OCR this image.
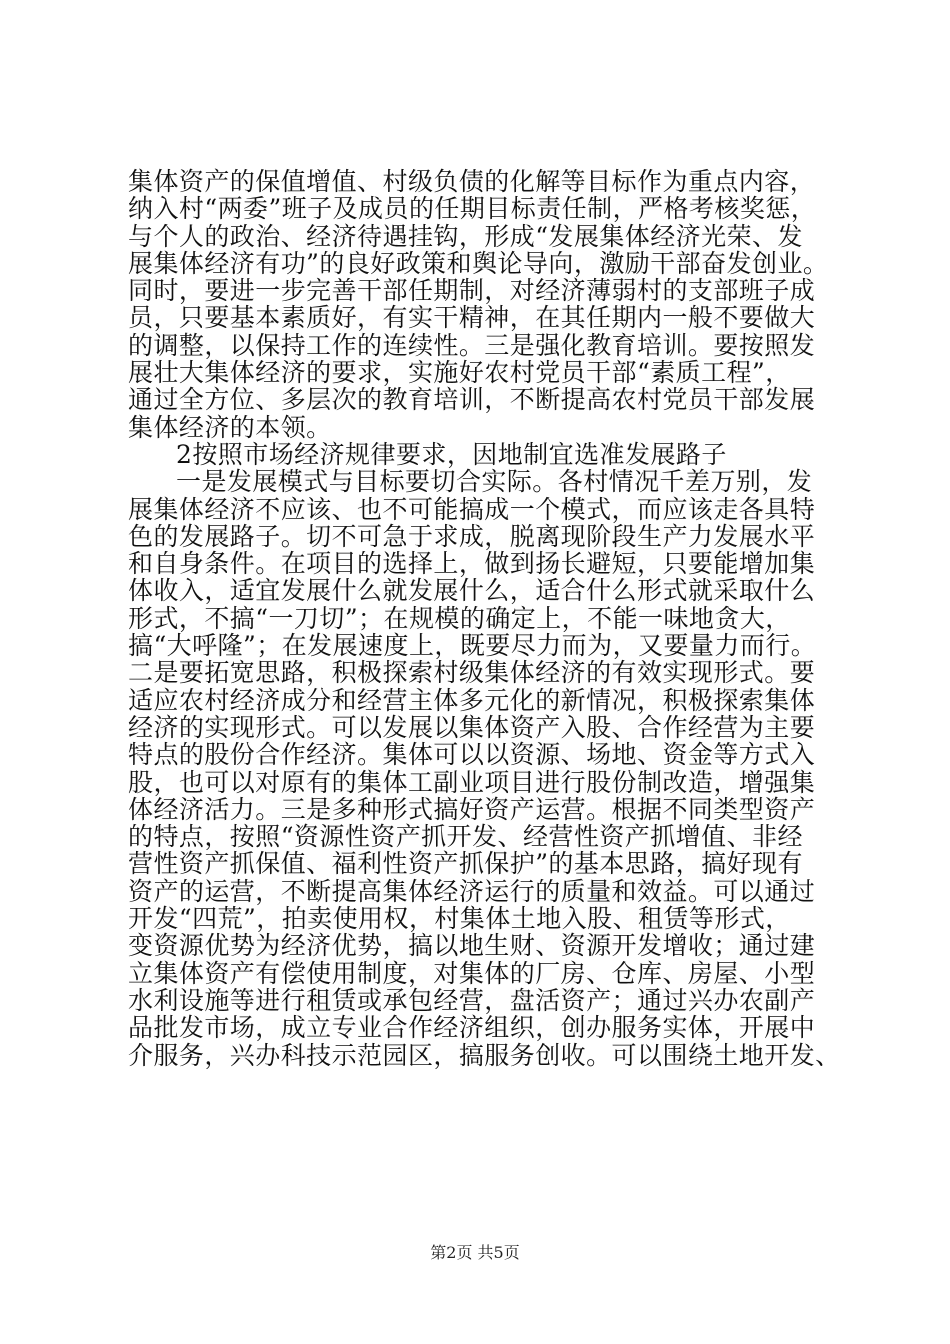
集体资产的保值增值、村级负债的化解等目标作为重点内容，
纳入村“两委”班子及成员的任期目标责任制，严格考核奖惩，
与个人的政治、经济待遇挂钩，形成“发展集体经济光荣、发
展集体经济有功”的良好政策和舆论导向，激励干部奋发创业。
同时，要进一步完善干部任期制，对经济薄弱村的支部班子成
员，只要基本素质好，有实干精神，在其任期内一般不要做大
的调整，以保持工作的连续性。三是强化教育培训。要按照发
展壮大集体经济的要求，实施好农村党员干部“素质工程”，
通过全方位、多层次的教育培训，不断提高农村党员干部发展
集体经济的本领。
2按照市场经济规律要求，因地制宜选准发展路子
一是发展模式与目标要切合实际。各村情况千差万别，发
展集体经济不应该、也不可能搞成一个模式，而应该走各具特
色的发展路子。切不可急于求成，脱离现阶段生产力发展水平
和自身条件。在项目的选择上，做到扬长避短，只要能增加集
体收入，适宜发展什么就发展什么，适合什么形式就采取什么
形式，不搞“一刀切”；在规模的确定上，不能一味地贪大，
搞“大呼隆”；在发展速度上，既要尽力而为，又要量力而行。
二是要拓宽思路，积极探索村级集体经济的有效实现形式。要
适应农村经济成分和经营主体多元化的新情况，积极探索集体
经济的实现形式。可以发展以集体资产入股、合作经营为主要
特点的股份合作经济。集体可以以资源、场地、资金等方式入
股，也可以对原有的集体工副业项目进行股份制改造，增强集
体经济活力。三是多种形式搞好资产运营。根据不同类型资产
的特点，按照“资源性资产抓开发、经营性资产抓增值、非经
营性资产抓保值、福利性资产抓保护”的基本思路，搞好现有
资产的运营，不断提高集体经济运行的质量和效益。可以通过
开发“四荒”，拍卖使用权，村集体土地入股、租赁等形式，
变资源优势为经济优势，搞以地生财、资源开发增收；通过建
立集体资产有偿使用制度，对集体的厂房、仓库、房屋、小型
水利设施等进行租赁或承包经营，盘活资产；通过兴办农副产
品批发市场，成立专业合作经济组织，创办服务实体，开展中
介服务，兴办科技示范园区，搞服务创收。可以围绕土地开发、
第2页 共5页
